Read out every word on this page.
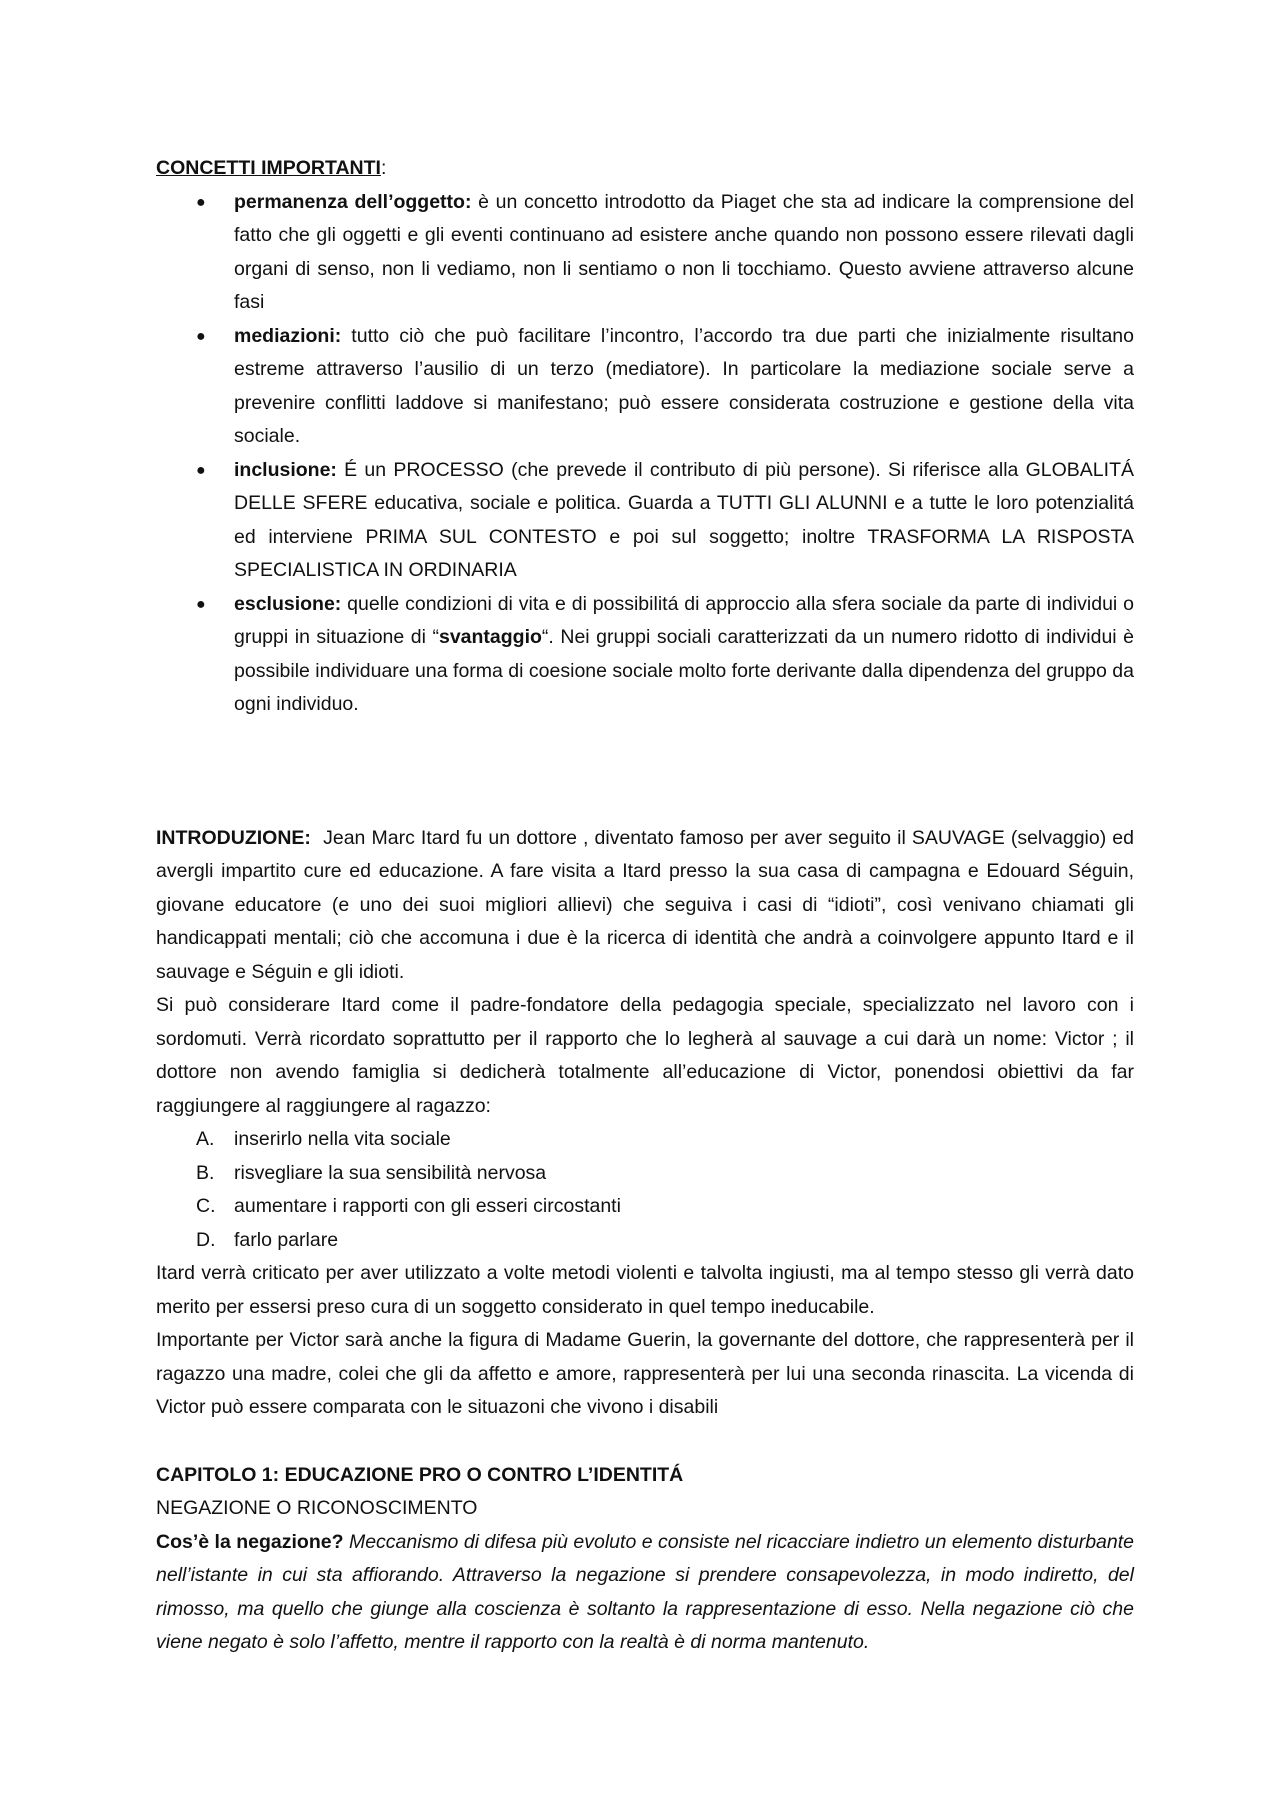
CONCETTI IMPORTANTI:

● permanenza dell’oggetto: è un concetto introdotto da Piaget che sta ad indicare la comprensione del fatto che gli oggetti e gli eventi continuano ad esistere anche quando non possono essere rilevati dagli organi di senso, non li vediamo, non li sentiamo o non li tocchiamo. Questo avviene attraverso alcune fasi
● mediazioni: tutto ciò che può facilitare l’incontro, l’accordo tra due parti che inizialmente risultano estreme attraverso l’ausilio di un terzo (mediatore). In particolare la mediazione sociale serve a prevenire conflitti laddove si manifestano; può essere considerata costruzione e gestione della vita sociale.
● inclusione: É un PROCESSO (che prevede il contributo di più persone). Si riferisce alla GLOBALITÁ DELLE SFERE educativa, sociale e politica. Guarda a TUTTI GLI ALUNNI e a tutte le loro potenzialitá ed interviene PRIMA SUL CONTESTO e poi sul soggetto; inoltre TRASFORMA LA RISPOSTA SPECIALISTICA IN ORDINARIA
● esclusione: quelle condizioni di vita e di possibilitá di approccio alla sfera sociale da parte di individui o gruppi in situazione di “svantaggio“. Nei gruppi sociali caratterizzati da un numero ridotto di individui è possibile individuare una forma di coesione sociale molto forte derivante dalla dipendenza del gruppo da ogni individuo.

INTRODUZIONE:  Jean Marc Itard fu un dottore , diventato famoso per aver seguito il SAUVAGE (selvaggio) ed avergli impartito cure ed educazione. A fare visita a Itard presso la sua casa di campagna e Edouard Séguin, giovane educatore (e uno dei suoi migliori allievi) che seguiva i casi di “idioti”, così venivano chiamati gli handicappati mentali; ciò che accomuna i due è la ricerca di identità che andrà a coinvolgere appunto Itard e il  sauvage e Séguin e gli idioti.

Si può considerare Itard come il padre-fondatore della pedagogia speciale, specializzato nel lavoro con i sordomuti. Verrà ricordato soprattutto per il rapporto che lo legherà al sauvage a cui darà un nome: Victor ; il dottore non avendo famiglia si dedicherà totalmente all’educazione di Victor, ponendosi obiettivi da far raggiungere al raggiungere al ragazzo:

A. inserirlo nella vita sociale
B. risvegliare la sua sensibilità nervosa
C. aumentare i rapporti con gli esseri circostanti
D. farlo parlare

Itard verrà criticato per aver utilizzato a volte metodi violenti e talvolta ingiusti, ma al tempo stesso gli verrà dato merito per essersi preso cura di un soggetto considerato in quel tempo ineducabile.

Importante per Victor sarà anche la figura di Madame Guerin, la governante del dottore, che rappresenterà per il ragazzo una madre, colei che gli da affetto e amore, rappresenterà per lui una seconda rinascita. La vicenda di Victor può essere comparata con le situazoni che vivono i disabili

CAPITOLO 1: EDUCAZIONE PRO O CONTRO L’IDENTITÁ

NEGAZIONE O RICONOSCIMENTO

Cos’è la negazione? Meccanismo di difesa più evoluto e consiste nel ricacciare indietro un elemento disturbante nell’istante in cui sta affiorando. Attraverso la negazione si prendere consapevolezza, in modo indiretto, del rimosso, ma quello che giunge alla coscienza è soltanto la rappresentazione di esso. Nella negazione ciò che viene negato è solo l’affetto, mentre il rapporto con la realtà è di norma mantenuto.
